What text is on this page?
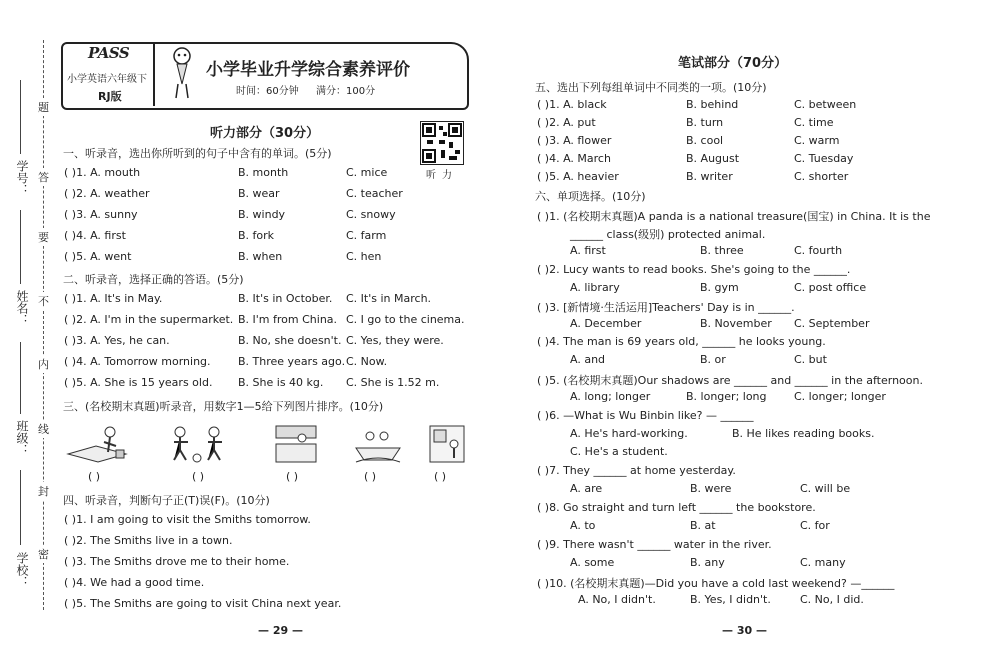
学校：
班级：
姓名：
学号：
题
答
要
不
内
线
封
密
PASS
小学英语六年级下
RJ版
小学毕业升学综合素养评价
时间：60分钟 满分：100分
听力部分（30分）
听力
一、听录音，选出你所听到的句子中含有的单词。(5分)
( )1. A. mouth	B. month	C. mice
( )2. A. weather	B. wear	C. teacher
( )3. A. sunny	B. windy	C. snowy
( )4. A. first	B. fork	C. farm
( )5. A. went	B. when	C. hen
二、听录音，选择正确的答语。(5分)
( )1. A. It's in May.	B. It's in October. C. It's in March.
( )2. A. I'm in the supermarket. B. I'm from China. C. I go to the cinema.
( )3. A. Yes, he can.	B. No, she doesn't. C. Yes, they were.
( )4. A. Tomorrow morning. B. Three years ago. C. Now.
( )5. A. She is 15 years old. B. She is 40 kg. C. She is 1.52 m.
三、(名校期末真题)听录音，用数字1—5给下列图片排序。(10分)
( )	( )	( )	( )	( )
四、听录音，判断句子正(T)误(F)。(10分)
( )1. I am going to visit the Smiths tomorrow.
( )2. The Smiths live in a town.
( )3. The Smiths drove me to their home.
( )4. We had a good time.
( )5. The Smiths are going to visit China next year.
— 29 —
笔试部分（70分）
五、选出下列每组单词中不同类的一项。(10分)
( )1. A. black	B. behind	C. between
( )2. A. put	B. turn	C. time
( )3. A. flower	B. cool	C. warm
( )4. A. March	B. August	C. Tuesday
( )5. A. heavier	B. writer	C. shorter
六、单项选择。(10分)
( )1. (名校期末真题)A panda is a national treasure(国宝) in China. It is the
______ class(级别) protected animal.
A. first	B. three	C. fourth
( )2. Lucy wants to read books. She's going to the ______.
A. library	B. gym	C. post office
( )3. [新情境·生活运用]Teachers' Day is in ______.
A. December	B. November C. September
( )4. The man is 69 years old, ______ he looks young.
A. and	B. or	C. but
( )5. (名校期末真题)Our shadows are ______ and ______ in the afternoon.
A. long; longer	B. longer; long C. longer; longer
( )6. —What is Wu Binbin like? — ______
A. He's hard-working.	B. He likes reading books.
C. He's a student.
( )7. They ______ at home yesterday.
A. are	B. were	C. will be
( )8. Go straight and turn left ______ the bookstore.
A. to	B. at	C. for
( )9. There wasn't ______ water in the river.
A. some	B. any	C. many
( )10. (名校期末真题)—Did you have a cold last weekend? —______
A. No, I didn't.	B. Yes, I didn't.	C. No, I did.
— 30 —
